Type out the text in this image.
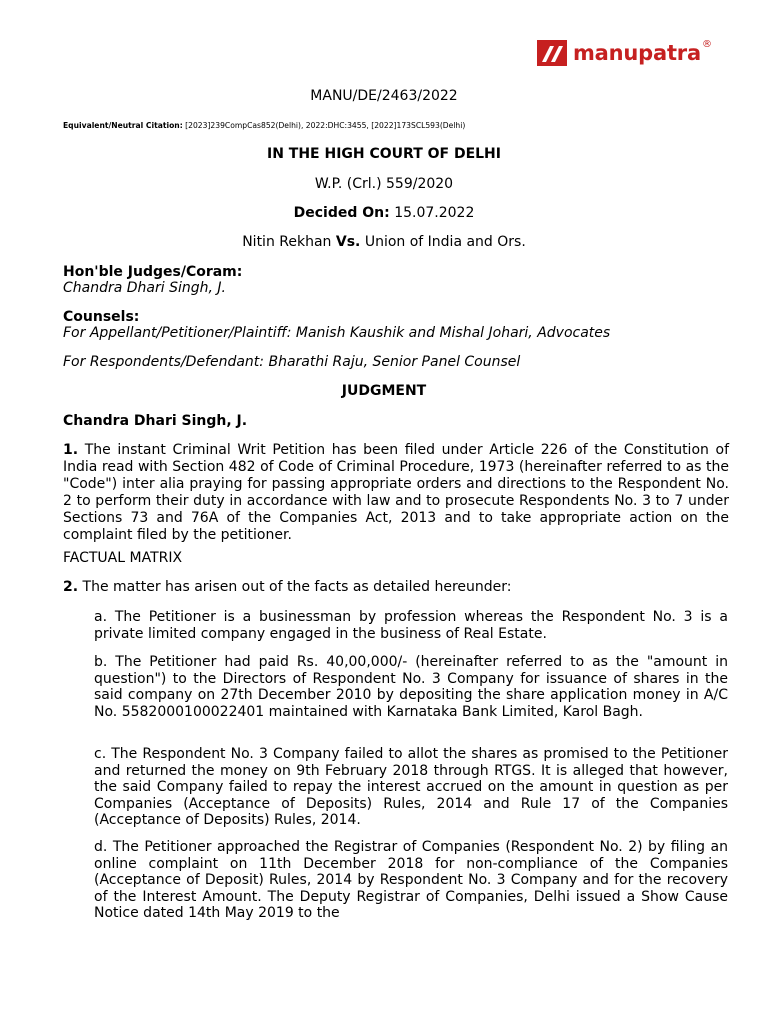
manupatra ®
MANU/DE/2463/2022
Equivalent/Neutral Citation: [2023]239CompCas852(Delhi), 2022:DHC:3455, [2022]173SCL593(Delhi)
IN THE HIGH COURT OF DELHI
W.P. (Crl.) 559/2020
Decided On: 15.07.2022
Nitin Rekhan Vs. Union of India and Ors.
Hon'ble Judges/Coram:
Chandra Dhari Singh, J.
Counsels:
For Appellant/Petitioner/Plaintiff: Manish Kaushik and Mishal Johari, Advocates
For Respondents/Defendant: Bharathi Raju, Senior Panel Counsel
JUDGMENT
Chandra Dhari Singh, J.
1. The instant Criminal Writ Petition has been filed under Article 226 of the Constitution of India read with Section 482 of Code of Criminal Procedure, 1973 (hereinafter referred to as the "Code") inter alia praying for passing appropriate orders and directions to the Respondent No. 2 to perform their duty in accordance with law and to prosecute Respondents No. 3 to 7 under Sections 73 and 76A of the Companies Act, 2013 and to take appropriate action on the complaint filed by the petitioner.
FACTUAL MATRIX
2. The matter has arisen out of the facts as detailed hereunder:
a. The Petitioner is a businessman by profession whereas the Respondent No. 3 is a private limited company engaged in the business of Real Estate.
b. The Petitioner had paid Rs. 40,00,000/- (hereinafter referred to as the "amount in question") to the Directors of Respondent No. 3 Company for issuance of shares in the said company on 27th December 2010 by depositing the share application money in A/C No. 5582000100022401 maintained with Karnataka Bank Limited, Karol Bagh.
c. The Respondent No. 3 Company failed to allot the shares as promised to the Petitioner and returned the money on 9th February 2018 through RTGS. It is alleged that however, the said Company failed to repay the interest accrued on the amount in question as per Companies (Acceptance of Deposits) Rules, 2014 and Rule 17 of the Companies (Acceptance of Deposits) Rules, 2014.
d. The Petitioner approached the Registrar of Companies (Respondent No. 2) by filing an online complaint on 11th December 2018 for non-compliance of the Companies (Acceptance of Deposit) Rules, 2014 by Respondent No. 3 Company and for the recovery of the Interest Amount. The Deputy Registrar of Companies, Delhi issued a Show Cause Notice dated 14th May 2019 to the
